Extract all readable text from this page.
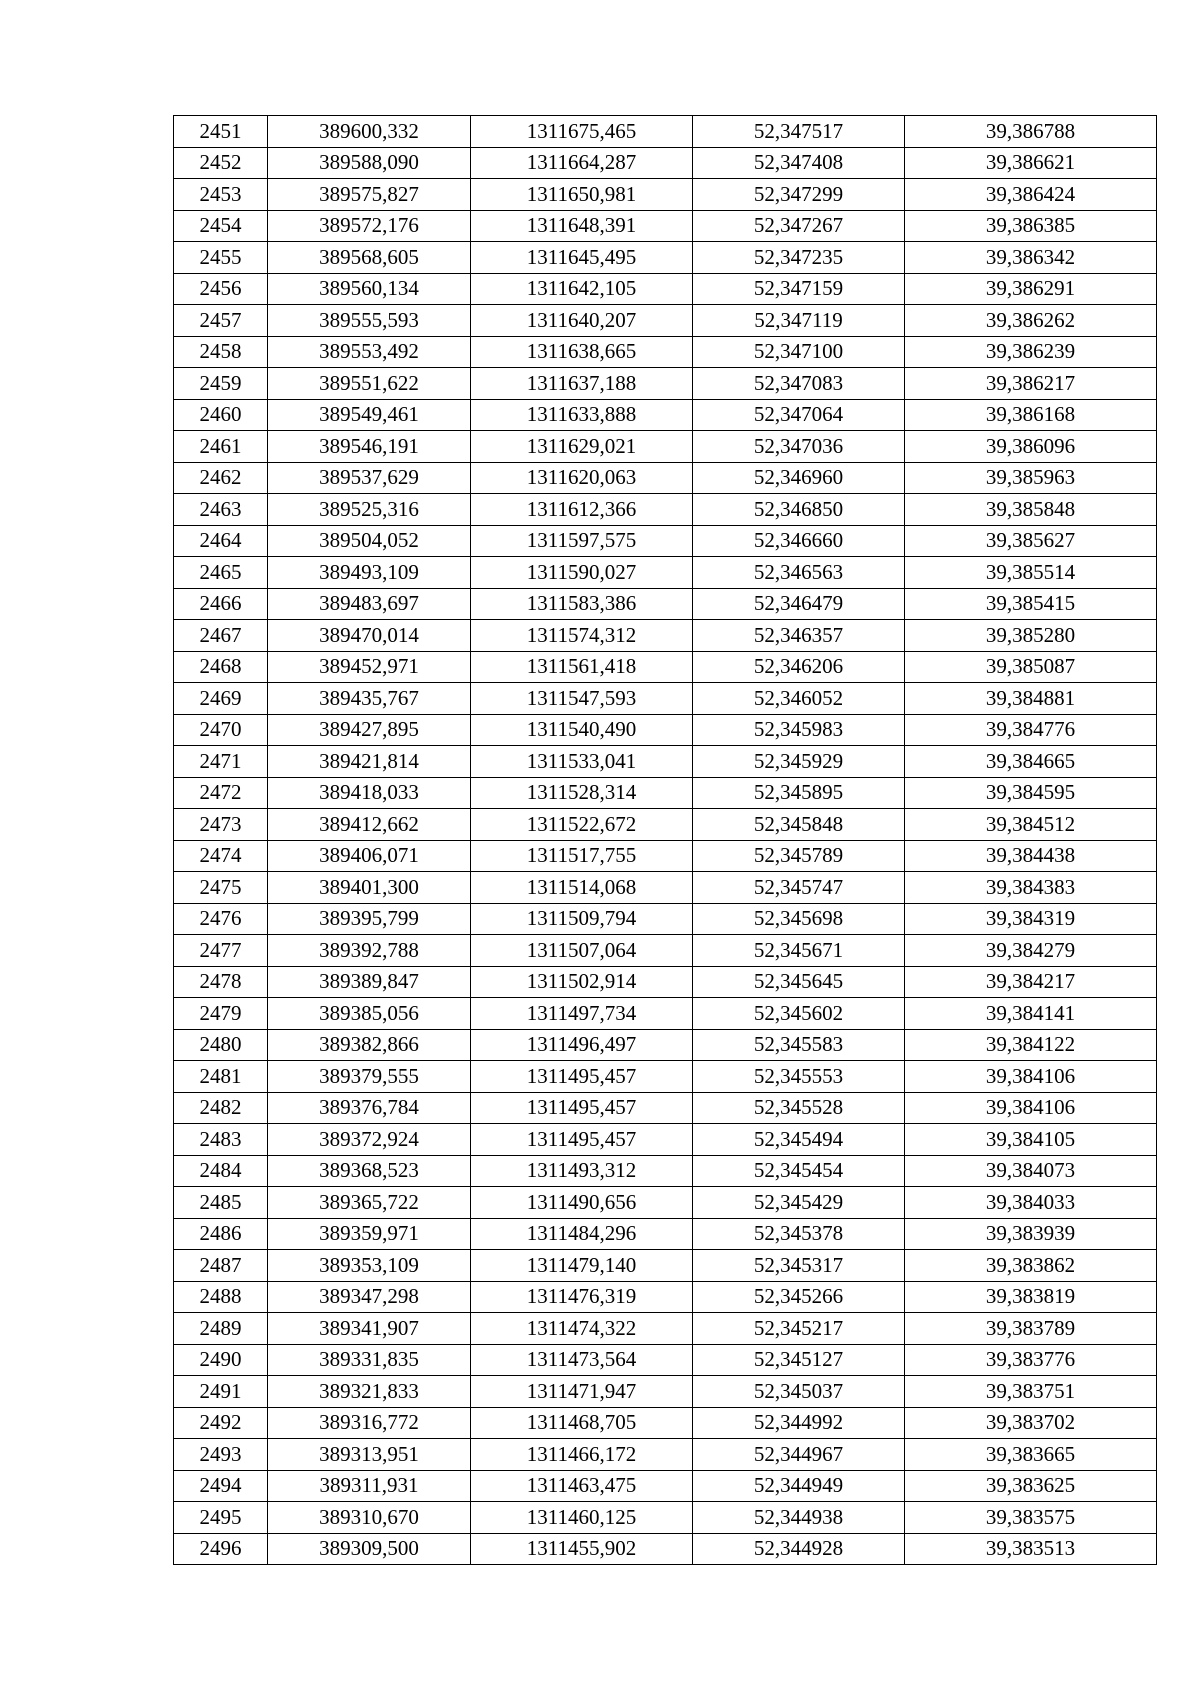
2451	389600,332	1311675,465	52,347517	39,386788
2452	389588,090	1311664,287	52,347408	39,386621
2453	389575,827	1311650,981	52,347299	39,386424
2454	389572,176	1311648,391	52,347267	39,386385
2455	389568,605	1311645,495	52,347235	39,386342
2456	389560,134	1311642,105	52,347159	39,386291
2457	389555,593	1311640,207	52,347119	39,386262
2458	389553,492	1311638,665	52,347100	39,386239
2459	389551,622	1311637,188	52,347083	39,386217
2460	389549,461	1311633,888	52,347064	39,386168
2461	389546,191	1311629,021	52,347036	39,386096
2462	389537,629	1311620,063	52,346960	39,385963
2463	389525,316	1311612,366	52,346850	39,385848
2464	389504,052	1311597,575	52,346660	39,385627
2465	389493,109	1311590,027	52,346563	39,385514
2466	389483,697	1311583,386	52,346479	39,385415
2467	389470,014	1311574,312	52,346357	39,385280
2468	389452,971	1311561,418	52,346206	39,385087
2469	389435,767	1311547,593	52,346052	39,384881
2470	389427,895	1311540,490	52,345983	39,384776
2471	389421,814	1311533,041	52,345929	39,384665
2472	389418,033	1311528,314	52,345895	39,384595
2473	389412,662	1311522,672	52,345848	39,384512
2474	389406,071	1311517,755	52,345789	39,384438
2475	389401,300	1311514,068	52,345747	39,384383
2476	389395,799	1311509,794	52,345698	39,384319
2477	389392,788	1311507,064	52,345671	39,384279
2478	389389,847	1311502,914	52,345645	39,384217
2479	389385,056	1311497,734	52,345602	39,384141
2480	389382,866	1311496,497	52,345583	39,384122
2481	389379,555	1311495,457	52,345553	39,384106
2482	389376,784	1311495,457	52,345528	39,384106
2483	389372,924	1311495,457	52,345494	39,384105
2484	389368,523	1311493,312	52,345454	39,384073
2485	389365,722	1311490,656	52,345429	39,384033
2486	389359,971	1311484,296	52,345378	39,383939
2487	389353,109	1311479,140	52,345317	39,383862
2488	389347,298	1311476,319	52,345266	39,383819
2489	389341,907	1311474,322	52,345217	39,383789
2490	389331,835	1311473,564	52,345127	39,383776
2491	389321,833	1311471,947	52,345037	39,383751
2492	389316,772	1311468,705	52,344992	39,383702
2493	389313,951	1311466,172	52,344967	39,383665
2494	389311,931	1311463,475	52,344949	39,383625
2495	389310,670	1311460,125	52,344938	39,383575
2496	389309,500	1311455,902	52,344928	39,383513
